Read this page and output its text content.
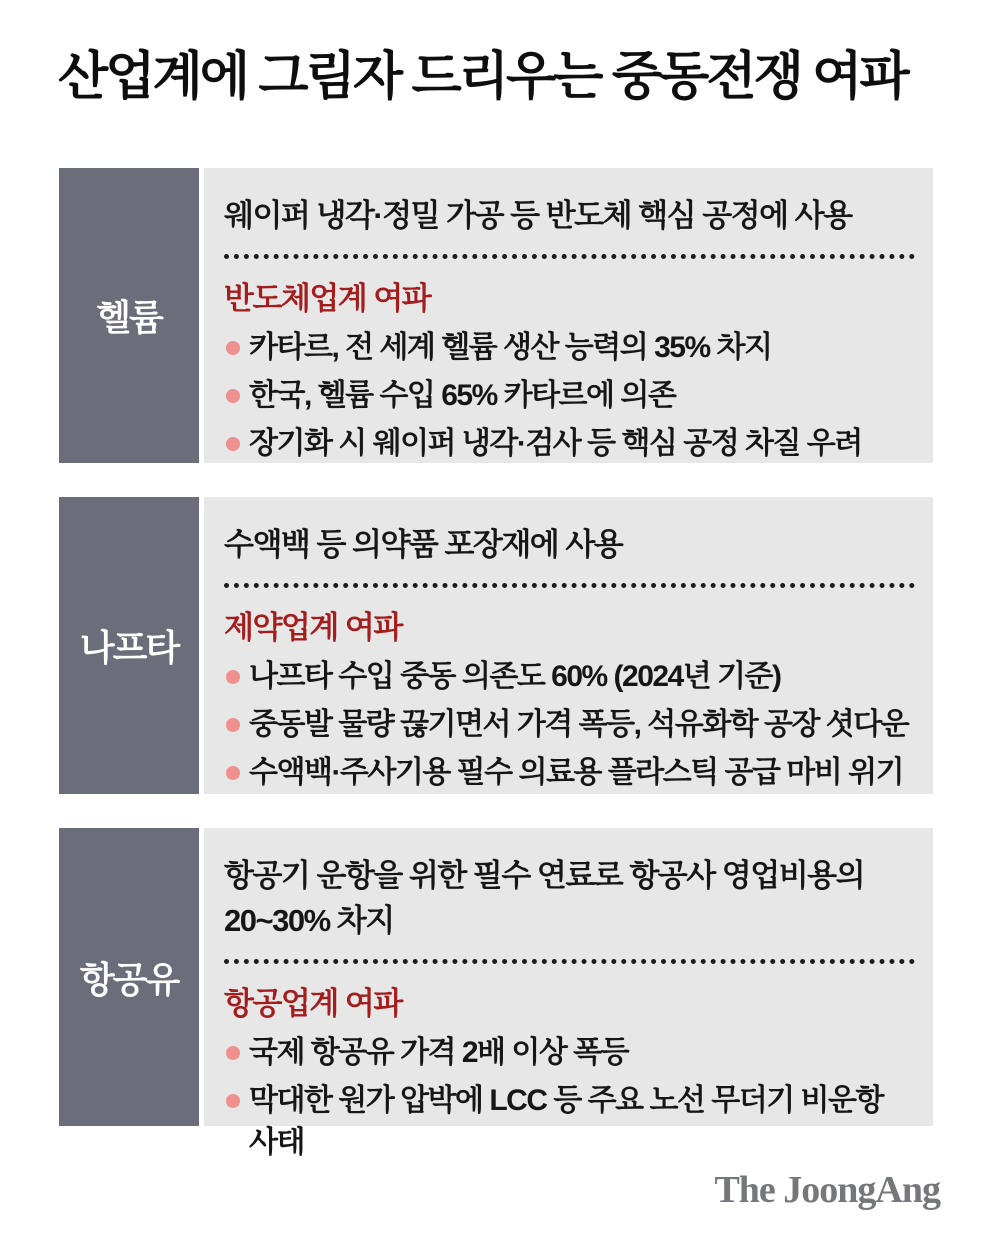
산업계에 그림자 드리우는 중동전쟁 여파
헬륨

웨이퍼 냉각·정밀 가공 등 반도체 핵심 공정에 사용

반도체업계 여파
카타르, 전 세계 헬륨 생산 능력의 35% 차지
한국, 헬륨 수입 65% 카타르에 의존
장기화 시 웨이퍼 냉각·검사 등 핵심 공정 차질 우려
나프타

수액백 등 의약품 포장재에 사용

제약업계 여파
나프타 수입 중동 의존도 60% (2024년 기준)
중동발 물량 끊기면서 가격 폭등, 석유화학 공장 셧다운
수액백·주사기용 필수 의료용 플라스틱 공급 마비 위기
항공유

항공기 운항을 위한 필수 연료로 항공사 영업비용의 20~30% 차지

항공업계 여파
국제 항공유 가격 2배 이상 폭등
막대한 원가 압박에 LCC 등 주요 노선 무더기 비운항 사태
The JoongAng
